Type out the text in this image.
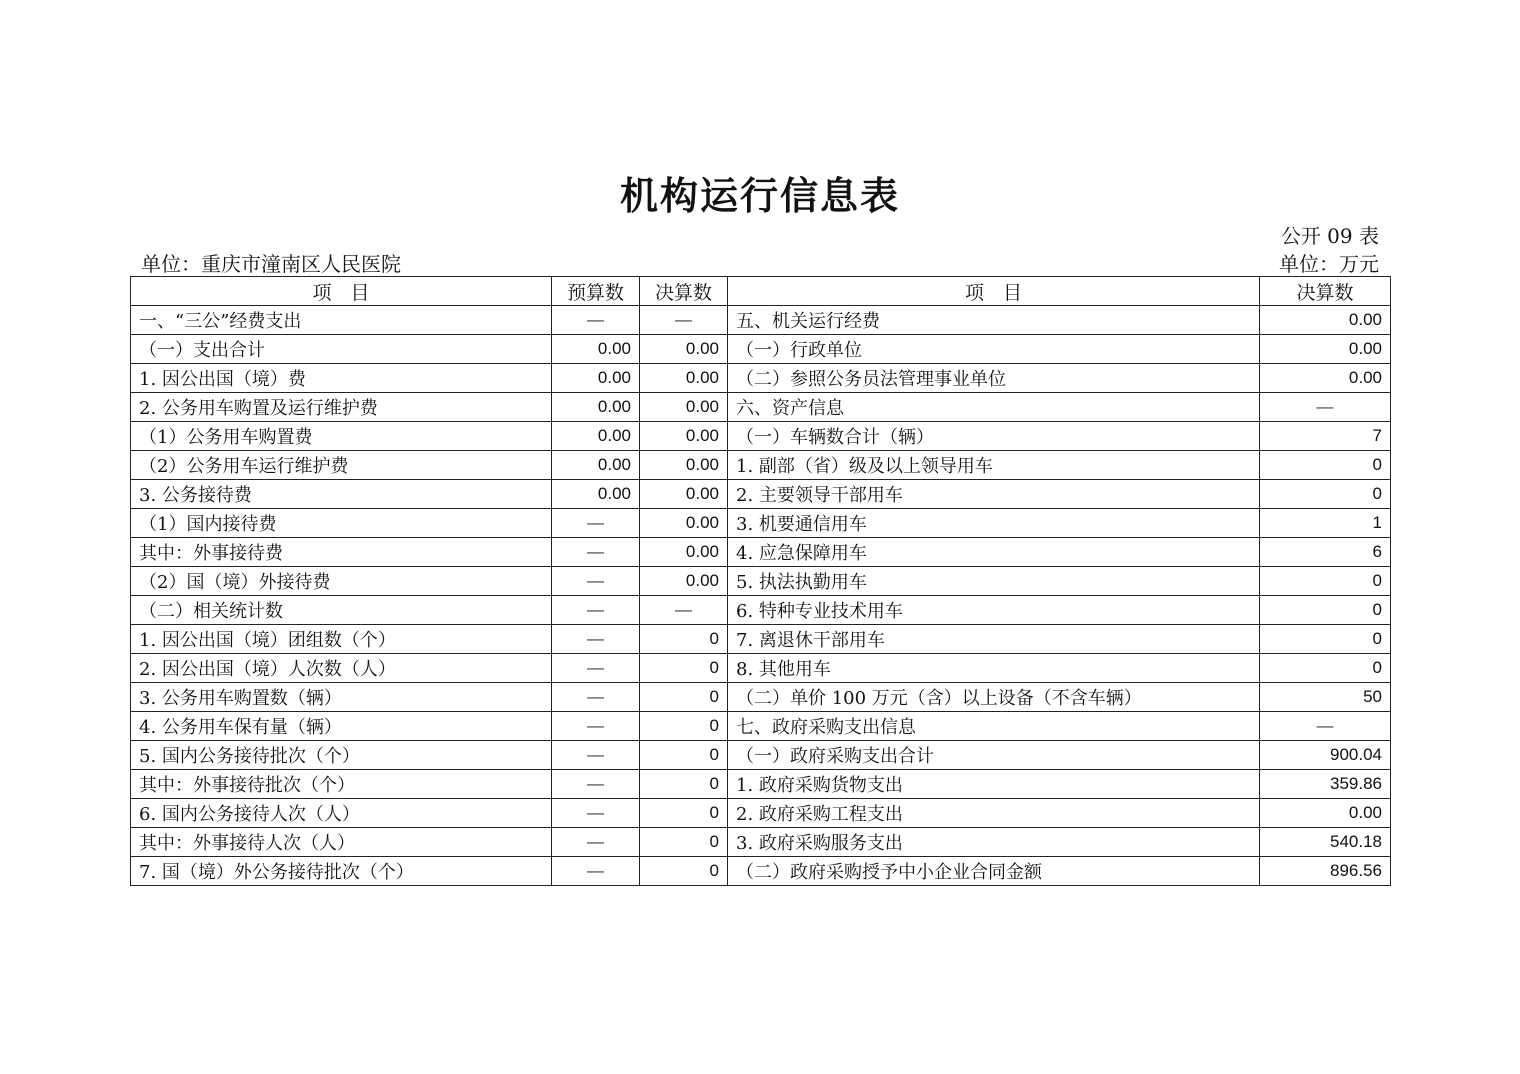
机构运行信息表
公开 09 表
单位：重庆市潼南区人民医院	单位：万元
项　目	预算数	决算数	项　目	决算数
一、“三公”经费支出	—	—	五、机关运行经费	0.00
（一）支出合计	0.00	0.00	（一）行政单位	0.00
1. 因公出国（境）费	0.00	0.00	（二）参照公务员法管理事业单位	0.00
2. 公务用车购置及运行维护费	0.00	0.00	六、资产信息	—
（1）公务用车购置费	0.00	0.00	（一）车辆数合计（辆）	7
（2）公务用车运行维护费	0.00	0.00	1. 副部（省）级及以上领导用车	0
3. 公务接待费	0.00	0.00	2. 主要领导干部用车	0
（1）国内接待费	—	0.00	3. 机要通信用车	1
其中：外事接待费	—	0.00	4. 应急保障用车	6
（2）国（境）外接待费	—	0.00	5. 执法执勤用车	0
（二）相关统计数	—	—	6. 特种专业技术用车	0
1. 因公出国（境）团组数（个）	—	0	7. 离退休干部用车	0
2. 因公出国（境）人次数（人）	—	0	8. 其他用车	0
3. 公务用车购置数（辆）	—	0	（二）单价 100 万元（含）以上设备（不含车辆）	50
4. 公务用车保有量（辆）	—	0	七、政府采购支出信息	—
5. 国内公务接待批次（个）	—	0	（一）政府采购支出合计	900.04
其中：外事接待批次（个）	—	0	1. 政府采购货物支出	359.86
6. 国内公务接待人次（人）	—	0	2. 政府采购工程支出	0.00
其中：外事接待人次（人）	—	0	3. 政府采购服务支出	540.18
7. 国（境）外公务接待批次（个）	—	0	（二）政府采购授予中小企业合同金额	896.56
